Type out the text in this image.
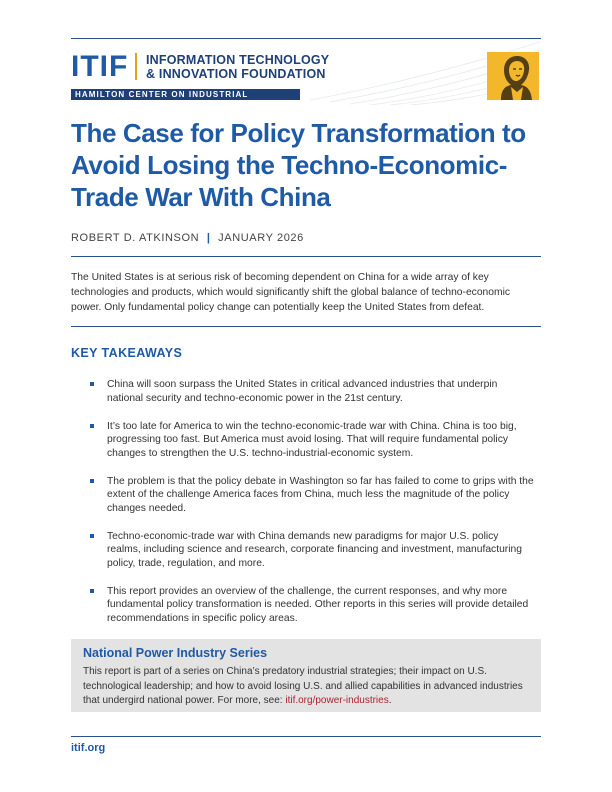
ITIF INFORMATION TECHNOLOGY
& INNOVATION FOUNDATION
HAMILTON CENTER ON INDUSTRIAL STRATEGY
The Case for Policy Transformation to Avoid Losing the Techno-Economic-Trade War With China
ROBERT D. ATKINSON | JANUARY 2026

The United States is at serious risk of becoming dependent on China for a wide array of key technologies and products, which would significantly shift the global balance of techno-economic power. Only fundamental policy change can potentially keep the United States from defeat.

KEY TAKEAWAYS
China will soon surpass the United States in critical advanced industries that underpin national security and techno-economic power in the 21st century.
It’s too late for America to win the techno-economic-trade war with China. China is too big, progressing too fast. But America must avoid losing. That will require fundamental policy changes to strengthen the U.S. techno-industrial-economic system.
The problem is that the policy debate in Washington so far has failed to come to grips with the extent of the challenge America faces from China, much less the magnitude of the policy changes needed.
Techno-economic-trade war with China demands new paradigms for major U.S. policy realms, including science and research, corporate financing and investment, manufacturing policy, trade, regulation, and more.
This report provides an overview of the challenge, the current responses, and why more fundamental policy transformation is needed. Other reports in this series will provide detailed recommendations in specific policy areas.
National Power Industry Series

This report is part of a series on China’s predatory industrial strategies; their impact on U.S. technological leadership; and how to avoid losing U.S. and allied capabilities in advanced industries that undergird national power. For more, see: itif.org/power-industries.

itif.org
